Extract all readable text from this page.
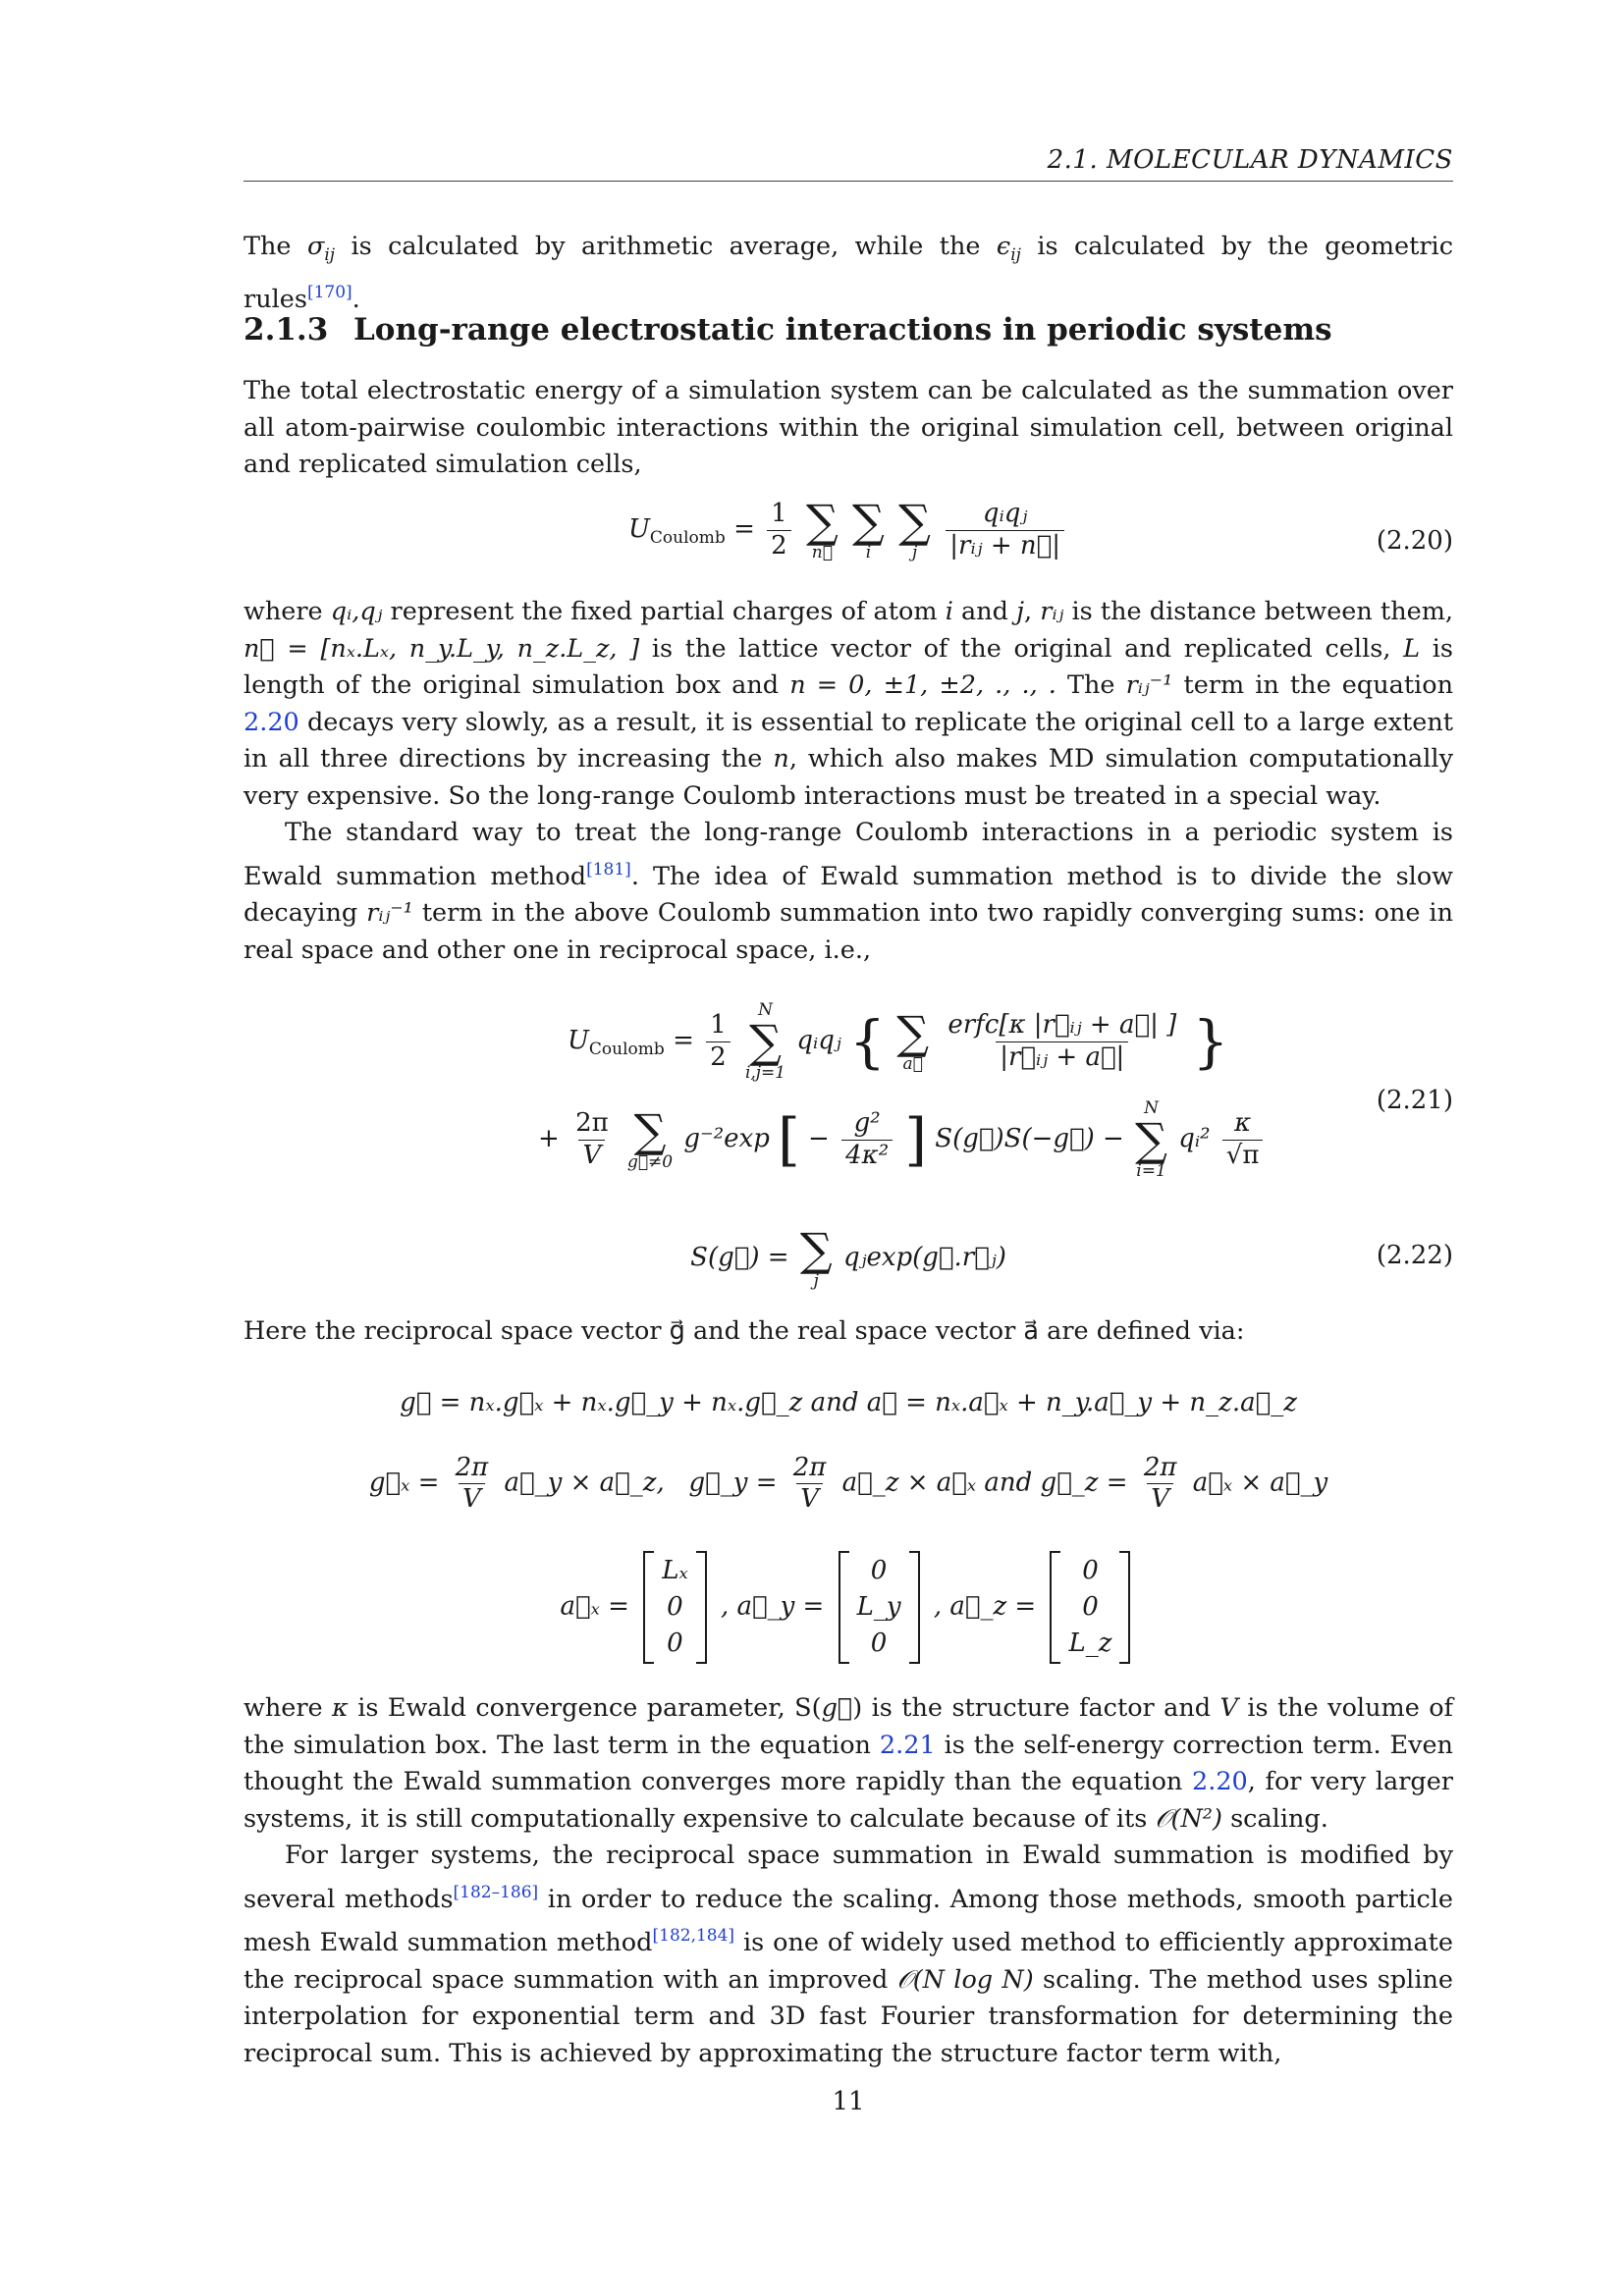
2.1. MOLECULAR DYNAMICS

The $\sigma_{ij}$ is calculated by arithmetic average, while the $\epsilon_{ij}$ is calculated by the geometric rules[170].

2.1.3 Long-range electrostatic interactions in periodic systems

The total electrostatic energy of a simulation system can be calculated as the summation over all atom-pairwise coulombic interactions within the original simulation cell, between original and replicated simulation cells,

$U_{Coulomb} = \frac{1}{2}$
∑
n⃗

∑
i

∑
j
$\frac{\text{qᵢqⱼ}}{\text{|rᵢⱼ + n⃗|}}$	(2.20)

where qᵢ,qⱼ represent the fixed partial charges of atom i and j, rᵢⱼ is the distance between them, n⃗ = [nₓ.Lₓ, n_y.L_y, n_z.L_z, ] is the lattice vector of the original and replicated cells, L is length of the original simulation box and n = 0, ±1, ±2, ., ., . The rᵢⱼ⁻¹ term in the equation 2.20 decays very slowly, as a result, it is essential to replicate the original cell to a large extent in all three directions by increasing the n, which also makes MD simulation computationally very expensive. So the long-range Coulomb interactions must be treated in a special way.

The standard way to treat the long-range Coulomb interactions in a periodic system is Ewald summation method[181]. The idea of Ewald summation method is to divide the slow decaying rᵢⱼ⁻¹ term in the above Coulomb summation into two rapidly converging sums: one in real space and other one in reciprocal space, i.e.,

$U_{Coulomb} = \frac{1}{2}$

N
∑
i,j=1
qᵢqⱼ { ∑
a⃗
$\frac{\text{erfc[κ |r⃗ᵢⱼ + a⃗| ]}}{\text{|r⃗ᵢⱼ + a⃗|}}$ }
+ $\frac{2\pi}{V}$
∑
g⃗≠0
g⁻²exp [ − $\frac{\text{g²}}{\text{4κ²}}$ ] S(g⃗)S(−g⃗) −
N
∑
i=1
qᵢ² $\frac{\kappa}{√\pi}$
(2.21)
S(g⃗) = ∑
j
qⱼexp(g⃗.r⃗ⱼ)	(2.22)

Here the reciprocal space vector g⃗ and the real space vector a⃗ are defined via:

g⃗ = nₓ.g⃗ₓ + nₓ.g⃗_y + nₓ.g⃗_z and a⃗ = nₓ.a⃗ₓ + n_y.a⃗_y + n_z.a⃗_z
g⃗ₓ = $\frac{2\pi}{V}$ a⃗_y × a⃗_z, g⃗_y = $\frac{2\pi}{V}$ a⃗_z × a⃗ₓ and g⃗_z = $\frac{2\pi}{V}$ a⃗ₓ × a⃗_y
a⃗ₓ =
Lₓ
0
0
, a⃗_y =
0
L_y
0
, a⃗_z =
0
0
L_z

where κ is Ewald convergence parameter, S(g⃗) is the structure factor and V is the volume of the simulation box. The last term in the equation 2.21 is the self-energy correction term. Even thought the Ewald summation converges more rapidly than the equation 2.20, for very larger systems, it is still computationally expensive to calculate because of its 𝒪(N²) scaling.

For larger systems, the reciprocal space summation in Ewald summation is modified by several methods[182–186] in order to reduce the scaling. Among those methods, smooth particle mesh Ewald summation method[182,184] is one of widely used method to efficiently approximate the reciprocal space summation with an improved 𝒪(N log N) scaling. The method uses spline interpolation for exponential term and 3D fast Fourier transformation for determining the reciprocal sum. This is achieved by approximating the structure factor term with,

11
